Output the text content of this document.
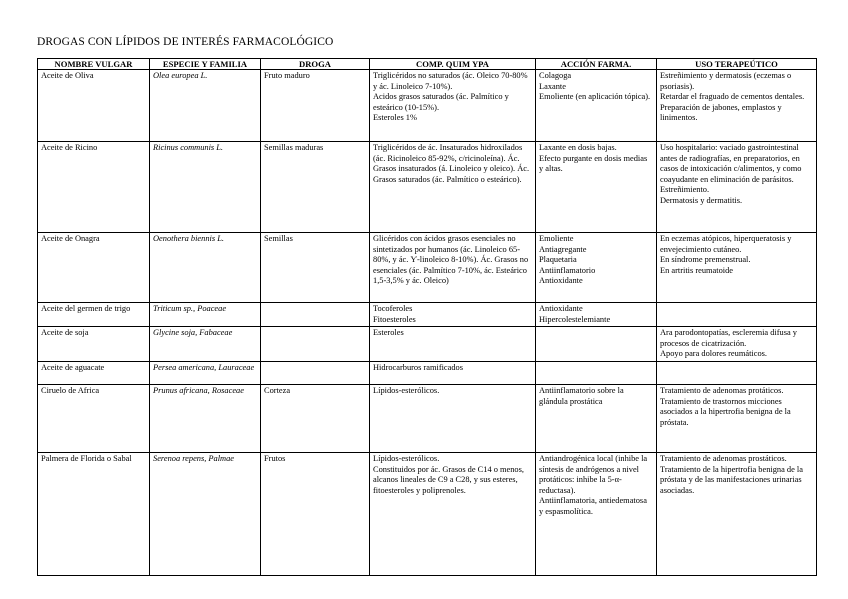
DROGAS CON LÍPIDOS DE INTERÉS FARMACOLÓGICO
NOMBRE VULGAR	ESPECIE Y FAMILIA	DROGA	COMP. QUIM YPA	ACCIÓN FARMA.	USO TERAPEÚTICO

Aceite de Oliva	Olea europea L.	Fruto maduro	Triglicéridos no saturados (ác. Oleico 70-80% y ác. Linoleico 7-10%).
Acidos grasos saturados (ác. Palmítico y esteárico (10-15%).
Esteroles 1%	Colagoga
Laxante
Emoliente (en aplicación tópica).	Estreñimiento y dermatosis (eczemas o psoriasis).
Retardar el fraguado de cementos dentales.
Preparación de jabones, emplastos y linimentos.

Aceite de Ricino	Ricinus communis L.	Semillas maduras	Triglicéridos de ác. Insaturados hidroxilados (ác. Ricinoleico 85-92%, c/ricinoleína). Ác. Grasos insaturados (á. Linoleico y oleico). Ác. Grasos saturados (ác. Palmítico o esteárico).	Laxante en dosis bajas.
Efecto purgante en dosis medias y altas.	Uso hospitalario: vaciado gastrointestinal antes de radiografías, en preparatorios, en casos de intoxicación c/alimentos, y como coayudante en eliminación de parásitos.
Estreñimiento.
Dermatosis y dermatitis.

Aceite de Onagra	Oenothera biennis L.	Semillas	Glicéridos con ácidos grasos esenciales no sintetizados por humanos (ác. Linoleico 65-80%, y ác. Ƴ-linoleico 8-10%). Ác. Grasos no esenciales (ác. Palmítico 7-10%, ác. Esteárico 1,5-3,5% y ác. Oleico)	Emoliente
Antiagregante
Plaquetaria
Antiinflamatorio
Antioxidante	En eczemas atópicos, hiperqueratosis y envejecimiento cutáneo.
En síndrome premenstrual.
En artritis reumatoide

Aceite del germen de trigo	Triticum sp., Poaceae		Tocoferoles
Fitoesteroles	Antioxidante
Hipercolestelemiante	

Aceite de soja	Glycine soja, Fabaceae		Esteroles		Ara parodontopatías, escleremia difusa y procesos de cicatrización.
Apoyo para dolores reumáticos.

Aceite de aguacate	Persea americana, Lauraceae		Hidrocarburos ramificados		

Ciruelo de Africa	Prunus africana, Rosaceae	Corteza	Lípidos-esterólicos.	Antiinflamatorio sobre la glándula prostática	Tratamiento de adenomas protáticos.
Tratamiento de trastornos micciones asociados a la hipertrofia benigna de la próstata.

Palmera de Florida o Sabal	Serenoa repens, Palmae	Frutos	Lípidos-esterólicos.
Constituidos por ác. Grasos de C14 o menos, alcanos lineales de C9 a C28, y sus esteres, fitoesteroles y poliprenoles.	Antiandrogénica local (inhibe la síntesis de andrógenos a nivel protáticos: inhibe la 5-α-reductasa).
Antiinflamatoria, antiedematosa y espasmolítica.	Tratamiento de adenomas prostáticos.
Tratamiento de la hipertrofia benigna de la próstata y de las manifestaciones urinarias asociadas.
